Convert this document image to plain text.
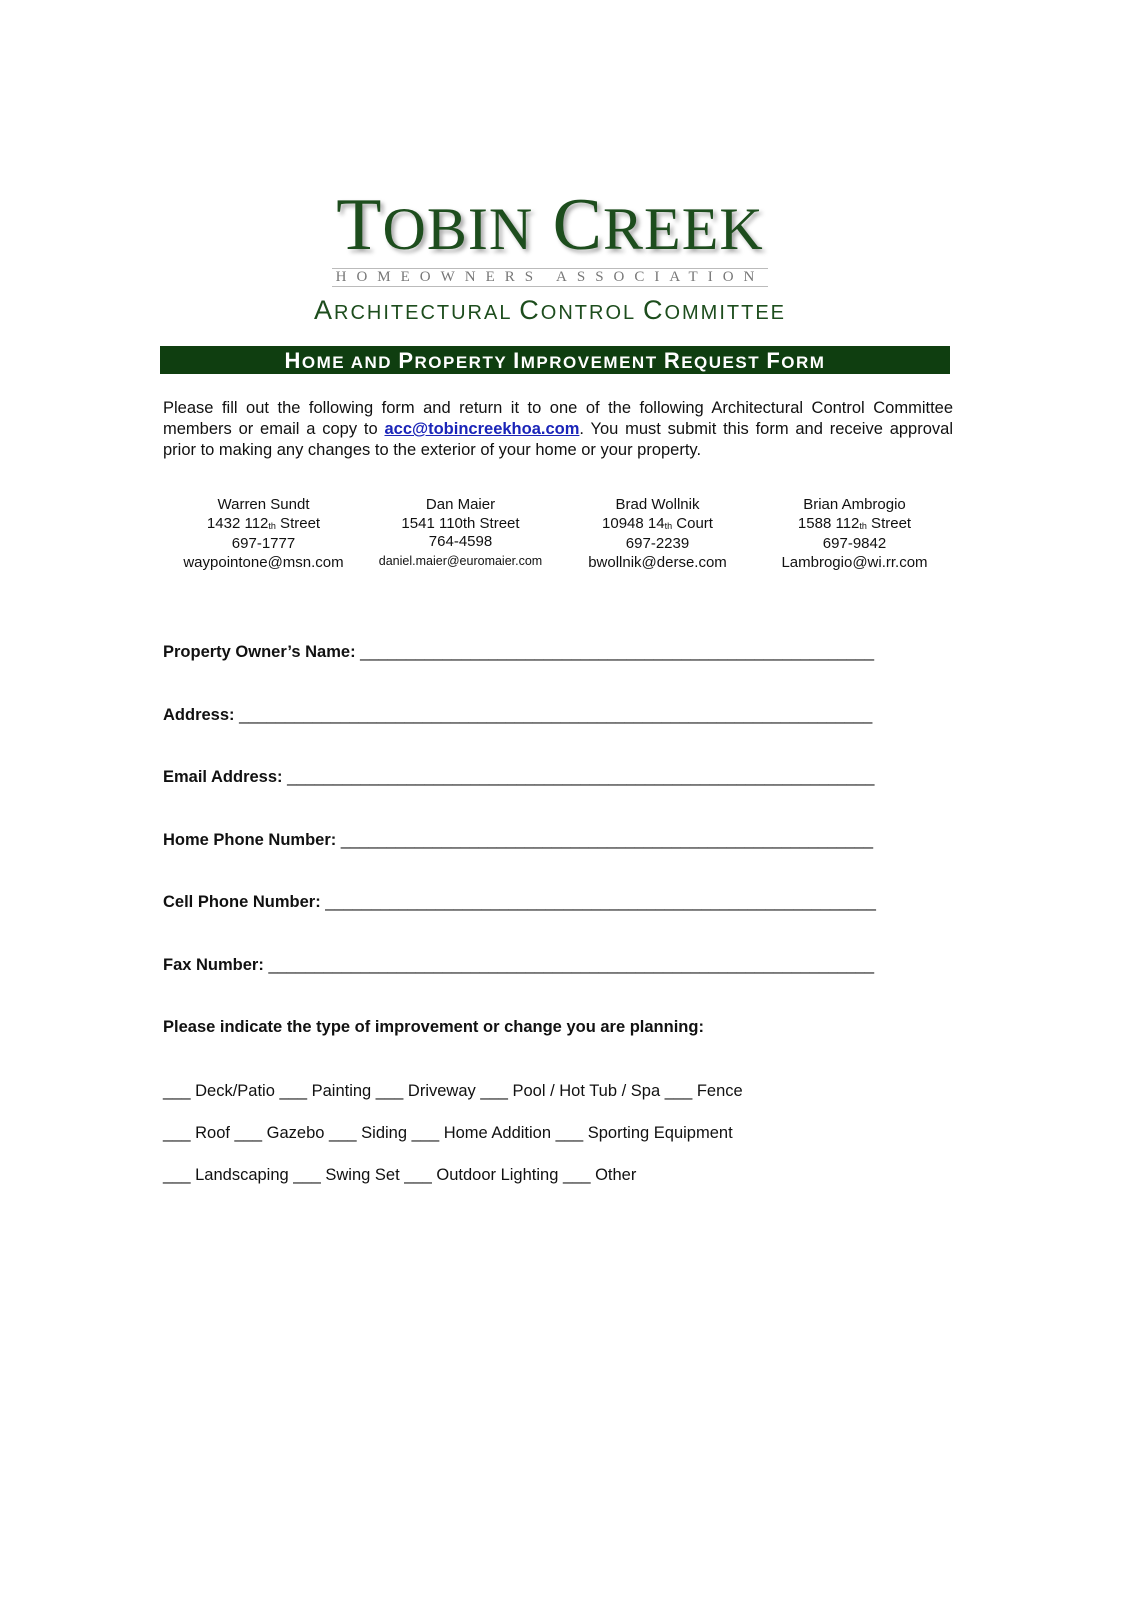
TOBIN CREEK
HOMEOWNERS ASSOCIATION
ARCHITECTURAL CONTROL COMMITTEE
HOME AND PROPERTY IMPROVEMENT REQUEST FORM
Please fill out the following form and return it to one of the following Architectural Control Committee members or email a copy to acc@tobincreekhoa.com. You must submit this form and receive approval prior to making any changes to the exterior of your home or your property.
Warren Sundt
1432 $112_{th}$ Street
697-1777
waypointone@msn.com
Dan Maier
1541 110th Street
764-4598
daniel.maier@euromaier.com
Brad Wollnik
10948 $14_{th}$ Court
697-2239
bwollnik@derse.com
Brian Ambrogio
1588 $112_{th}$ Street
697-9842
Lambrogio@wi.rr.com
Property Owner’s Name: ________________________________________________________
Address: _____________________________________________________________________
Email Address: ________________________________________________________________
Home Phone Number: __________________________________________________________
Cell Phone Number: ____________________________________________________________
Fax Number: __________________________________________________________________
Please indicate the type of improvement or change you are planning:
___ Deck/Patio ___ Painting ___ Driveway ___ Pool / Hot Tub / Spa ___ Fence
___ Roof ___ Gazebo ___ Siding ___ Home Addition ___ Sporting Equipment
___ Landscaping ___ Swing Set ___ Outdoor Lighting ___ Other
